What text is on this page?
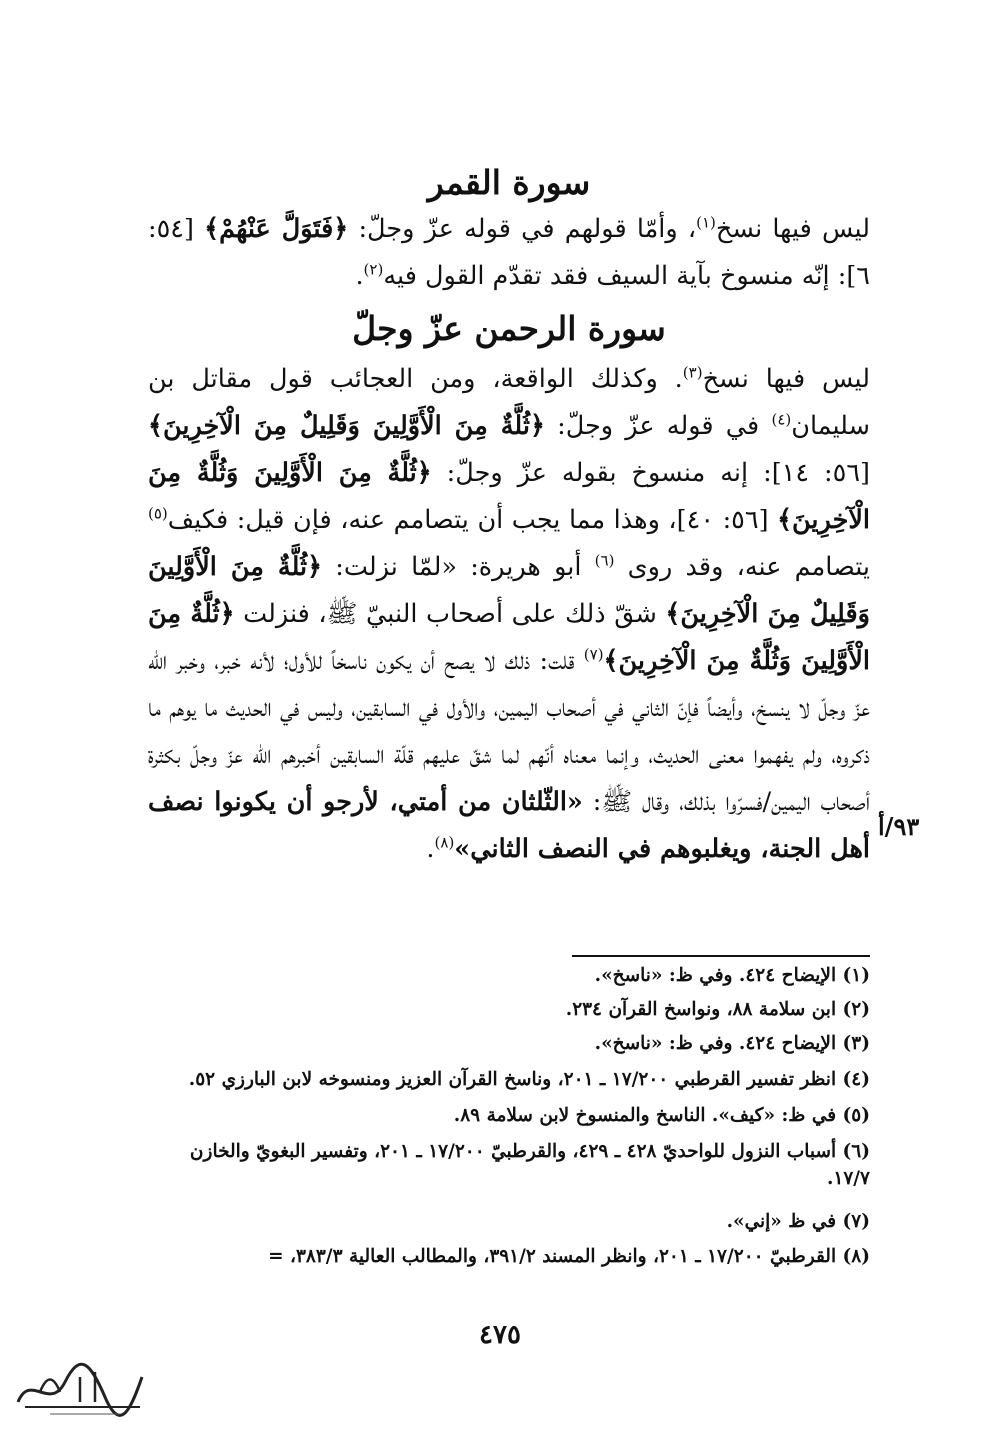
سورة القمر

ليس فيها نسخ$^{(١)}$، وأمّا قولهم في قوله عزّ وجلّ: ﴿فَتَوَلَّ عَنْهُمْ﴾ [٥٤: ٦]: إنّه منسوخ بآية السيف فقد تقدّم القول فيه$^{(٢)}$.

سورة الرحمن عزّ وجلّ

ليس فيها نسخ$^{(٣)}$. وكذلك الواقعة، ومن العجائب قول مقاتل بن سليمان$^{(٤)}$ في قوله عزّ وجلّ: ﴿ثُلَّةٌ مِنَ الْأَوَّلِينَ وَقَلِيلٌ مِنَ الْآخِرِينَ﴾ [٥٦: ١٤]: إنه منسوخ بقوله عزّ وجلّ: ﴿ثُلَّةٌ مِنَ الْأَوَّلِينَ وَثُلَّةٌ مِنَ الْآخِرِينَ﴾ [٥٦: ٤٠]، وهذا مما يجب أن يتصامم عنه، فإن قيل: فكيف$^{(٥)}$ يتصامم عنه، وقد روى $^{(٦)}$ أبو هريرة: «لمّا نزلت: ﴿ثُلَّةٌ مِنَ الْأَوَّلِينَ وَقَلِيلٌ مِنَ الْآخِرِينَ﴾ شقّ ذلك على أصحاب النبيّ ﷺ، فنزلت ﴿ثُلَّةٌ مِنَ الْأَوَّلِينَ وَثُلَّةٌ مِنَ الْآخِرِينَ﴾$^{(٧)}$ قلت: ذلك لا يصح أن يكون ناسخاً للأول؛ لأنه خبر، وخبر الله عزّ وجلّ لا ينسخ، وأيضاً فإنّ الثاني في أصحاب اليمين، والأول في السابقين، وليس في الحديث ما يوهم ما ذكروه، ولم يفهموا معنى الحديث، وإنما معناه أنّهم لما شقّ عليهم قلّة السابقين أخبرهم الله عزّ وجلّ بكثرة أصحاب اليمين/فسرّوا بذلك، وقال ﷺ: «الثّلثان من أمتي، لأرجو أن يكونوا نصف أهل الجنة، ويغلبوهم في النصف الثاني»$^{(٨)}$.

٩٣/أ
(١) الإيضاح ٤٢٤. وفي ظ: «ناسخ».
(٢) ابن سلامة ٨٨، ونواسخ القرآن ٢٣٤.
(٣) الإيضاح ٤٢٤. وفي ظ: «ناسخ».
(٤) انظر تفسير القرطبي ١٧/٢٠٠ ـ ٢٠١، وناسخ القرآن العزيز ومنسوخه لابن البارزي ٥٢.
(٥) في ظ: «كيف». الناسخ والمنسوخ لابن سلامة ٨٩.
(٦) أسباب النزول للواحديّ ٤٢٨ ـ ٤٢٩، والقرطبيّ ١٧/٢٠٠ ـ ٢٠١، وتفسير البغويّ والخازن ١٧/٧.
(٧) في ظ «إني».
(٨) القرطبيّ ١٧/٢٠٠ ـ ٢٠١، وانظر المسند ٣٩١/٢، والمطالب العالية ٣٨٣/٣، =
٤٧٥
